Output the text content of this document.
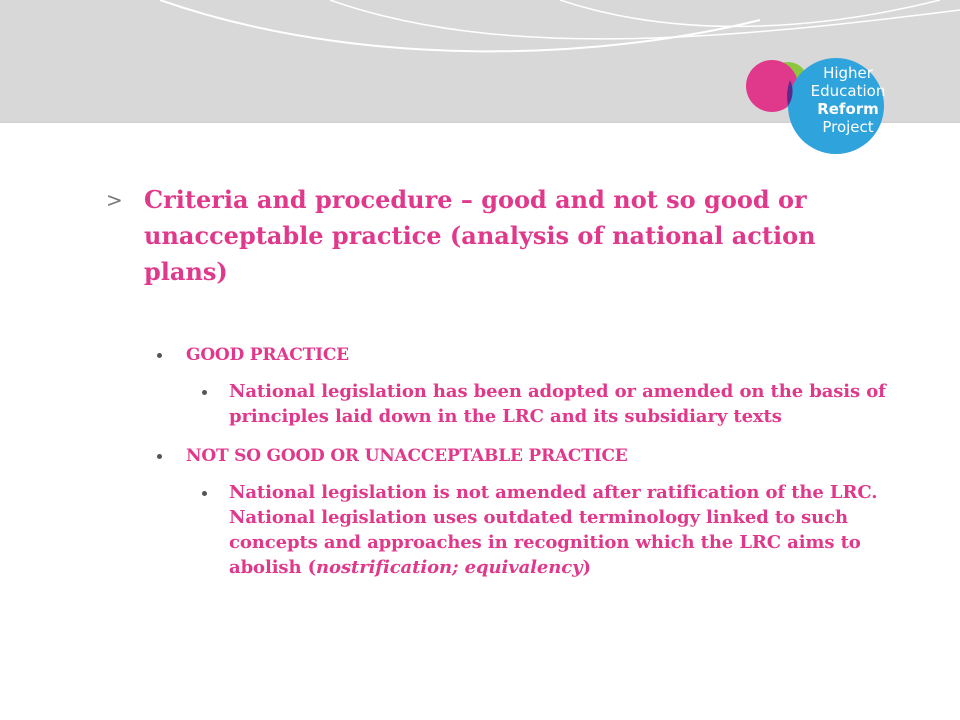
Higher
Education
Reform
Project
> Criteria and procedure – good and not so good or unacceptable practice (analysis of national action plans)
GOOD PRACTICE
National legislation has been adopted or amended on the basis of principles laid down in the LRC and its subsidiary texts
NOT SO GOOD OR UNACCEPTABLE PRACTICE
National legislation is not amended after ratification of the LRC. National legislation uses outdated terminology linked to such concepts and approaches in recognition which the LRC aims to abolish (nostrification; equivalency)
